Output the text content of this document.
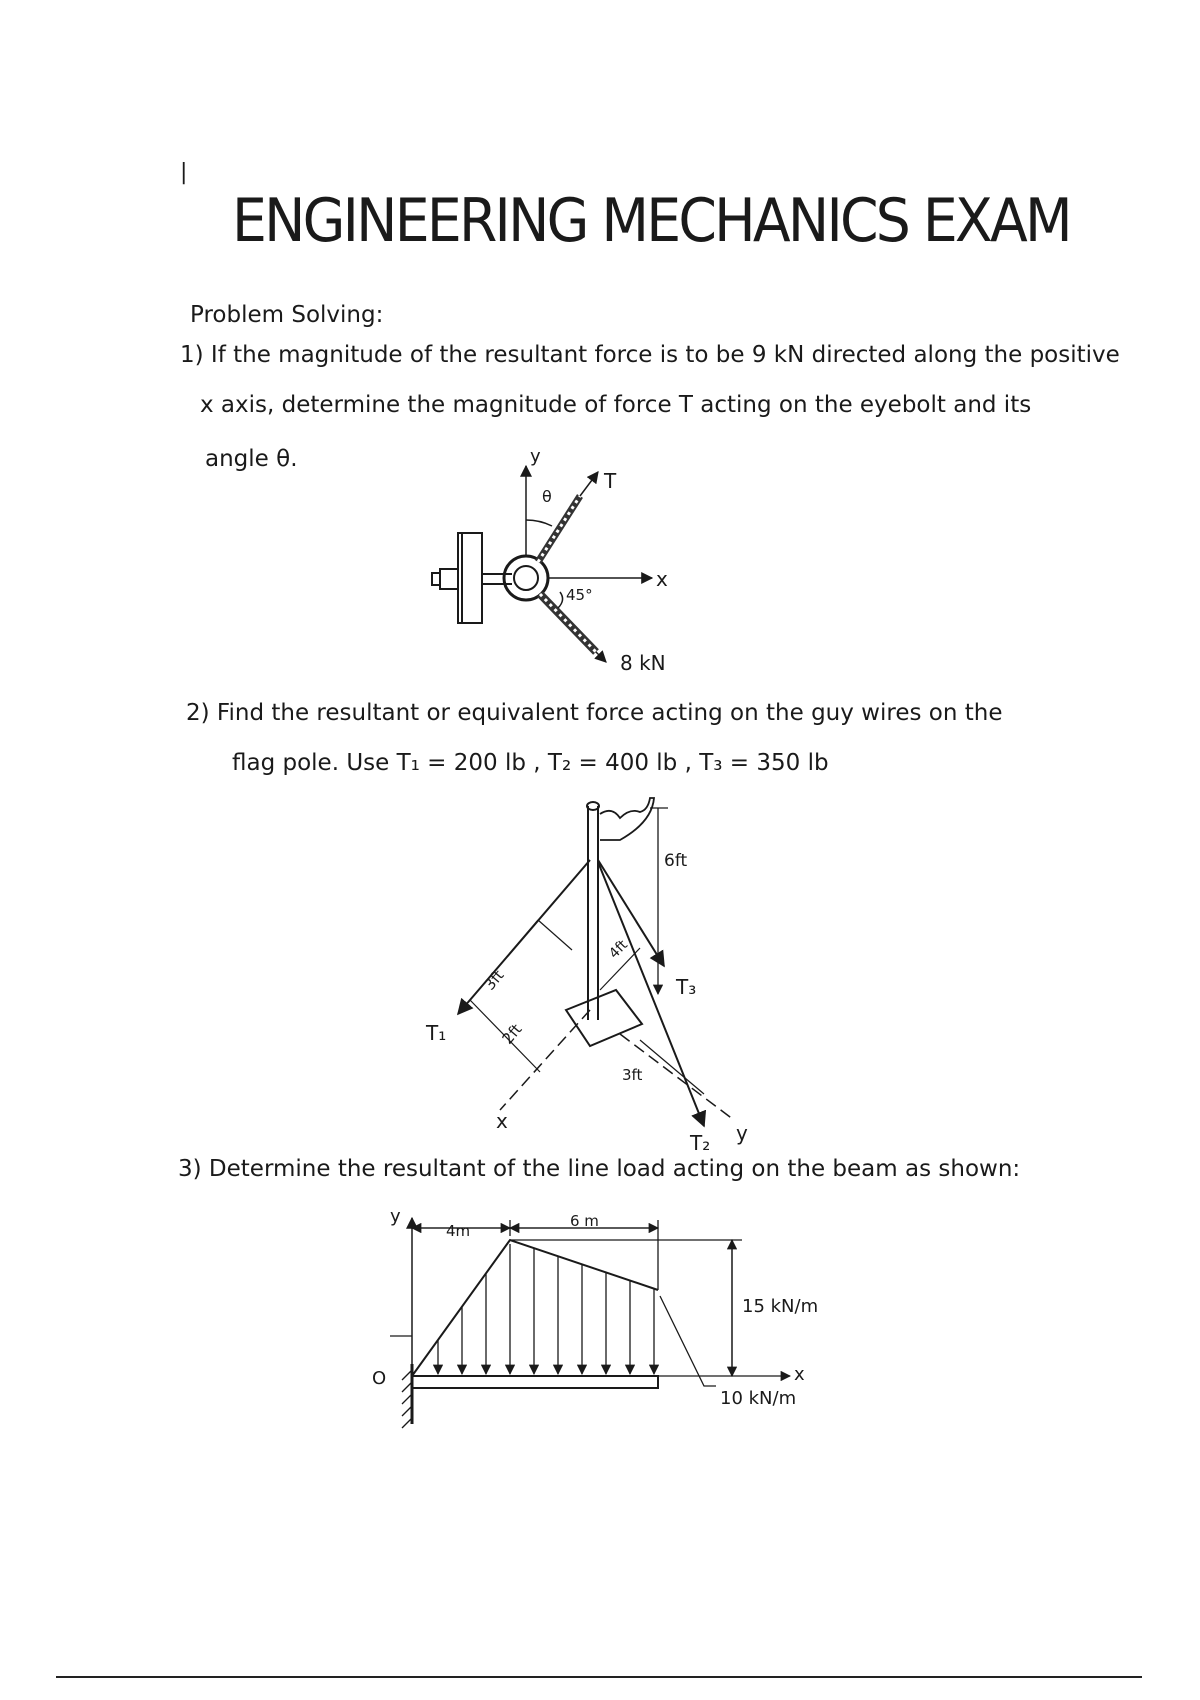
|
ENGINEERING MECHANICS EXAM
Problem Solving:
1) If the magnitude of the resultant force is to be 9 kN directed along the positive
x axis, determine the magnitude of force T acting on the eyebolt and its
angle θ.
2) Find the resultant or equivalent force acting on the guy wires on the
flag pole. Use T₁ = 200 lb , T₂ = 400 lb , T₃ = 350 lb
3) Determine the resultant of the line load acting on the beam as shown:
y
x
θ
T
45°
8 kN
6ft
3ft
2ft
4ft
3ft
T₁
T₂
T₃
x	y
y
4m
6 m
15 kN/m
10 kN/m
x
O
